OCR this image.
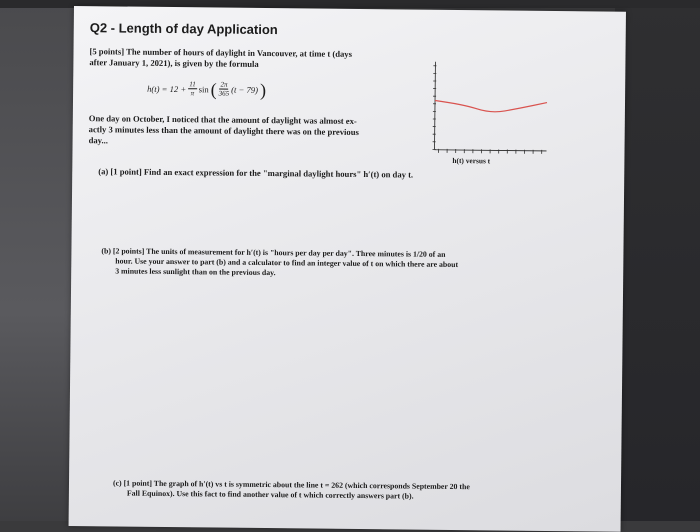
Q2 - Length of day Application
[5 points] The number of hours of daylight in Vancouver, at time t (days
after January 1, 2021), is given by the formula
$h(t) = 12 + \frac{11}{\pi}$ sin ( $\frac{2\pi}{365} (t - 79)$ )
One day on October, I noticed that the amount of daylight was almost ex-
actly 3 minutes less than the amount of daylight there was on the previous
day...
h(t) versus t
(a) [1 point] Find an exact expression for the "marginal daylight hours" h′(t) on day t.
(b) [2 points] The units of measurement for h′(t) is "hours per day per day". Three minutes is 1/20 of an
hour. Use your answer to part (b) and a calculator to find an integer value of t on which there are about
3 minutes less sunlight than on the previous day.
(c) [1 point] The graph of h′(t) vs t is symmetric about the line t = 262 (which corresponds September 20 the
Fall Equinox). Use this fact to find another value of t which correctly answers part (b).
